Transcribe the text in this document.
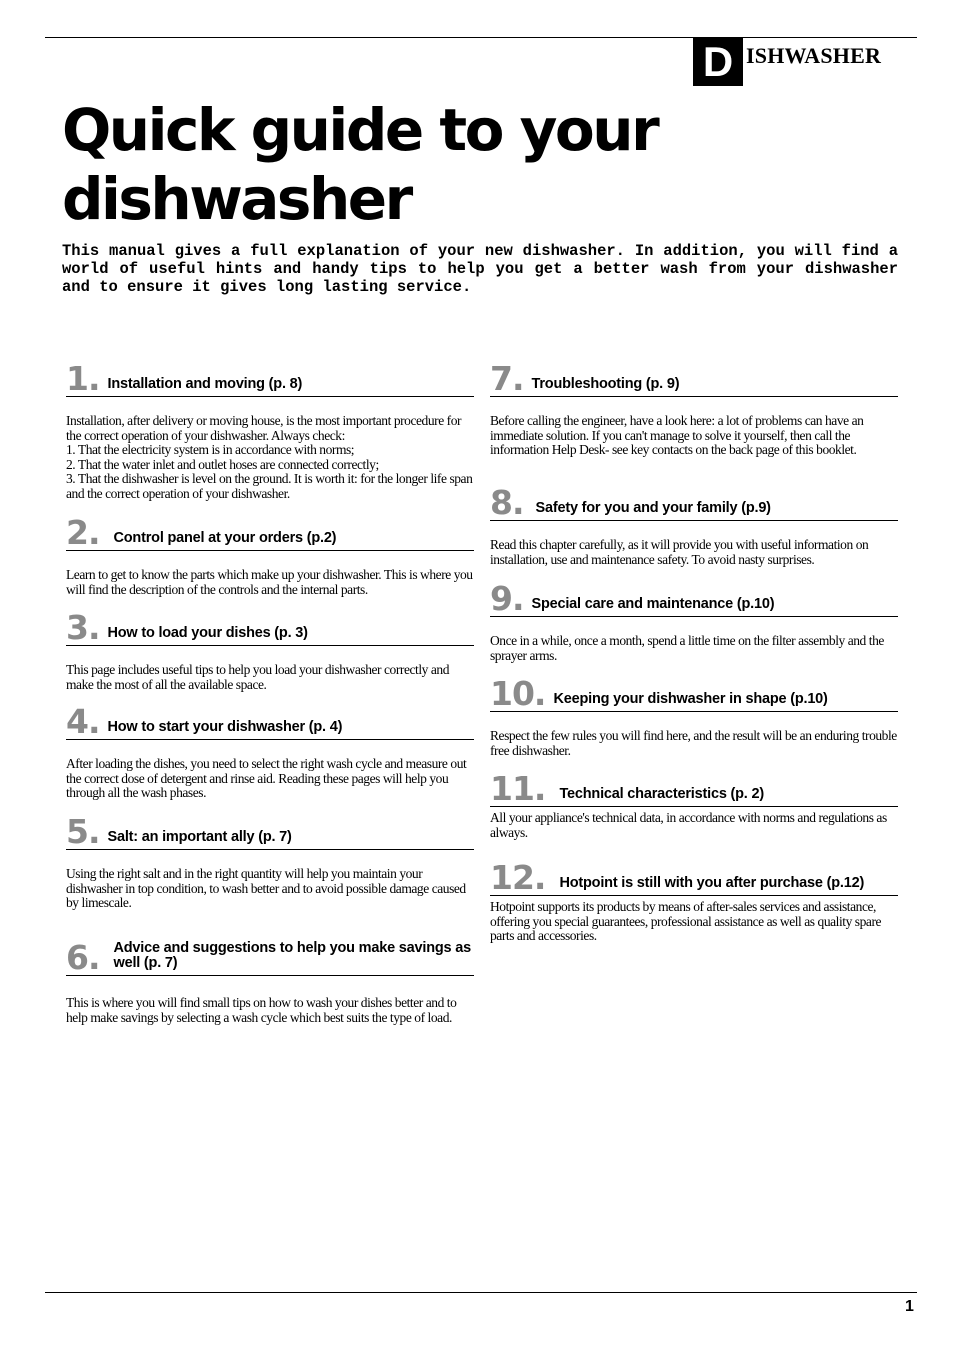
D ISHWASHER
Quick guide to your dishwasher

This manual gives a full explanation of your new dishwasher. In addition, you will find a world of useful hints and handy tips to help you get a better wash from your dishwasher and to ensure it gives long lasting service.

1. Installation and moving (p. 8)

Installation, after delivery or moving house, is the most important procedure for the correct operation of your dishwasher. Always check:
1. That the electricity system is in accordance with norms;
2. That the water inlet and outlet hoses are connected correctly;
3. That the dishwasher is level on the ground. It is worth it: for the longer life span and the correct operation of your dishwasher.

2. Control panel at your orders (p.2)

Learn to get to know the parts which make up your dishwasher. This is where you will find the description of the controls and the internal parts.

3. How to load your dishes (p. 3)

This page includes useful tips to help you load your dishwasher correctly and make the most of all the available space.

4. How to start your dishwasher (p. 4)

After loading the dishes, you need to select the right wash cycle and measure out the correct dose of detergent and rinse aid. Reading these pages will help you through all the wash phases.

5. Salt: an important ally (p. 7)

Using the right salt and in the right quantity will help you maintain your dishwasher in top condition, to wash better and to avoid possible damage caused by limescale.

6. Advice and suggestions to help you make savings as well (p. 7)

This is where you will find small tips on how to wash your dishes better and to help make savings by selecting a wash cycle which best suits the type of load.

7. Troubleshooting (p. 9)

Before calling the engineer, have a look here: a lot of problems can have an immediate solution. If you can't manage to solve it yourself, then call the information Help Desk- see key contacts on the back page of this booklet.

8. Safety for you and your family (p.9)

Read this chapter carefully, as it will provide you with useful information on installation, use and maintenance safety. To avoid nasty surprises.

9. Special care and maintenance (p.10)

Once in a while, once a month, spend a little time on the filter assembly and the sprayer arms.

10. Keeping your dishwasher in shape (p.10)

Respect the few rules you will find here, and the result will be an enduring trouble free dishwasher.

11. Technical characteristics (p. 2)

All your appliance's technical data, in accordance with norms and regulations as always.

12. Hotpoint is still with you after purchase (p.12)

Hotpoint supports its products by means of after-sales services and assistance, offering you special guarantees, professional assistance as well as quality spare parts and accessories.

1
